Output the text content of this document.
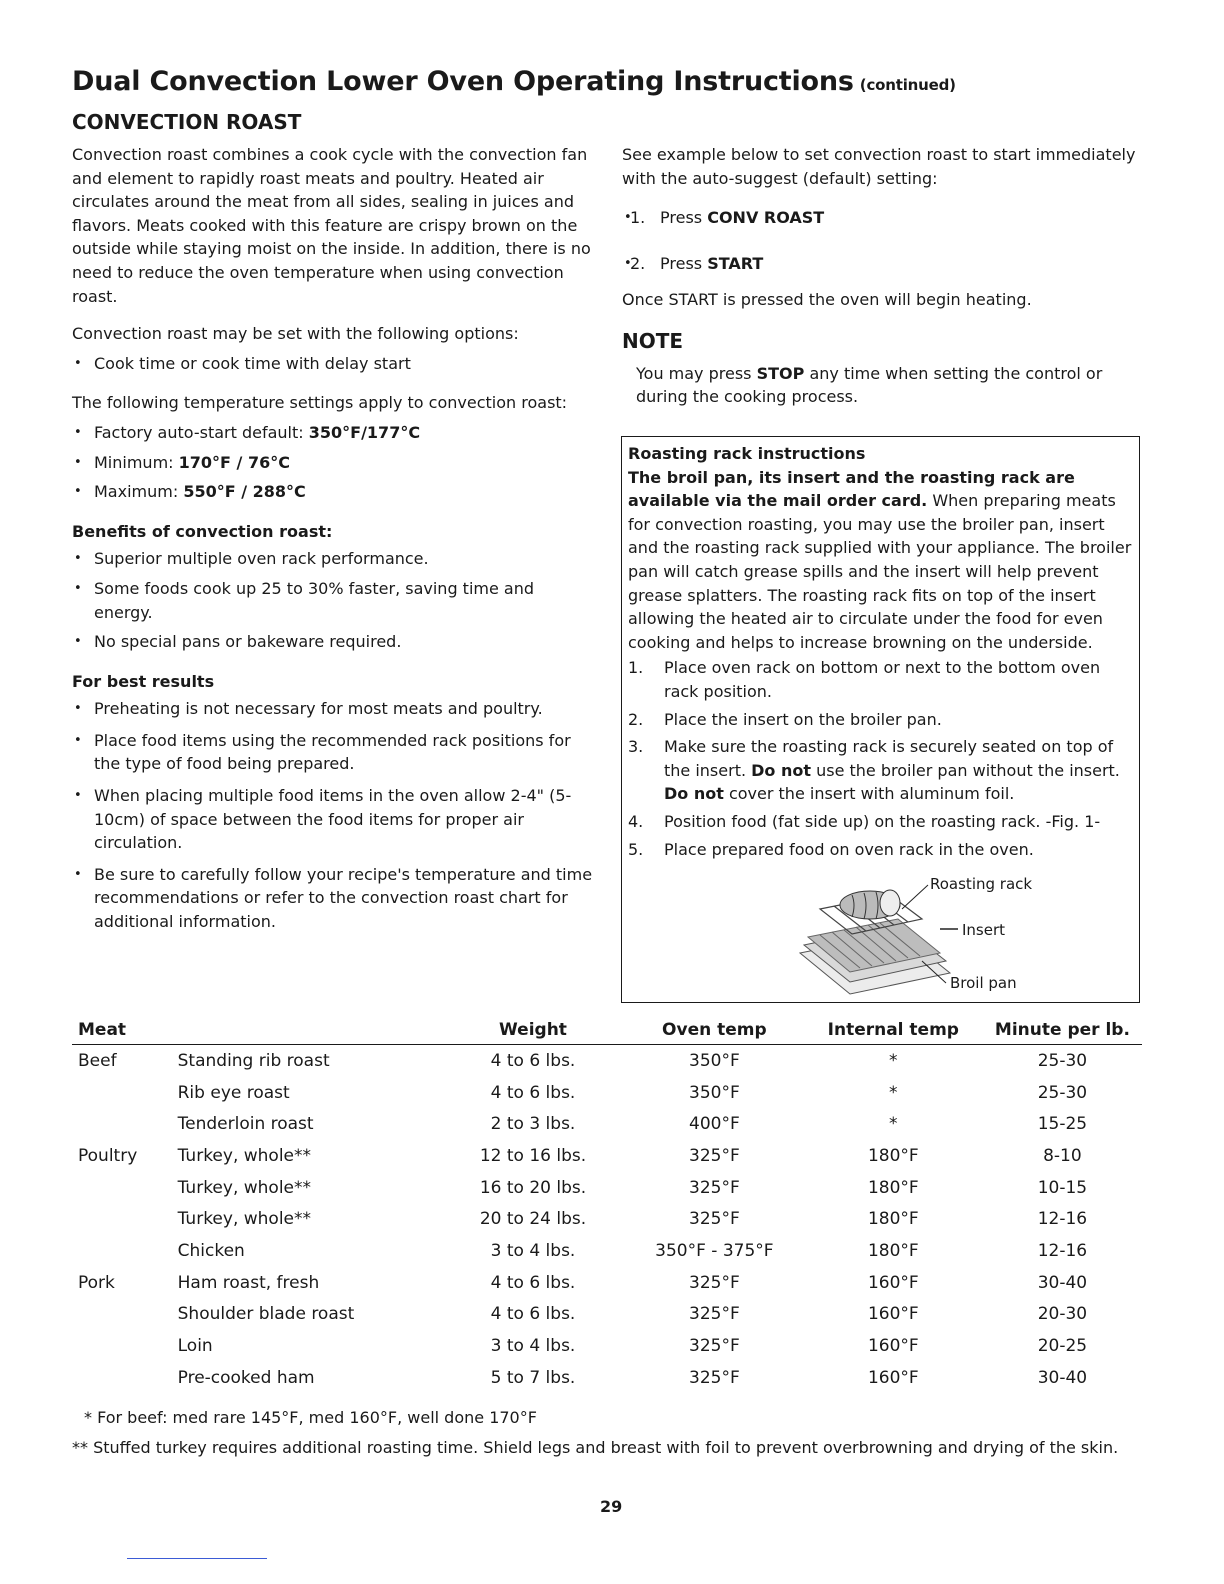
Dual Convection Lower Oven Operating Instructions (continued)
CONVECTION ROAST

Convection roast combines a cook cycle with the convection fan and element to rapidly roast meats and poultry. Heated air circulates around the meat from all sides, sealing in juices and flavors. Meats cooked with this feature are crispy brown on the outside while staying moist on the inside. In addition, there is no need to reduce the oven temperature when using convection roast.

Convection roast may be set with the following options:

• Cook time or cook time with delay start

The following temperature settings apply to convection roast:

• Factory auto-start default: 350°F/177°C
• Minimum: 170°F / 76°C
• Maximum: 550°F / 288°C

Benefits of convection roast:

• Superior multiple oven rack performance.
• Some foods cook up 25 to 30% faster, saving time and energy.
• No special pans or bakeware required.

For best results

• Preheating is not necessary for most meats and poultry.
• Place food items using the recommended rack positions for the type of food being prepared.
• When placing multiple food items in the oven allow 2-4" (5-10cm) of space between the food items for proper air circulation.
• Be sure to carefully follow your recipe's temperature and time recommendations or refer to the convection roast chart for additional information.

See example below to set convection roast to start immediately with the auto-suggest (default) setting:

• 1. Press CONV ROAST
• 2. Press START

Once START is pressed the oven will begin heating.

NOTE

You may press STOP any time when setting the control or during the cooking process.

Roasting rack instructions
The broil pan, its insert and the roasting rack are available via the mail order card. When preparing meats for convection roasting, you may use the broiler pan, insert and the roasting rack supplied with your appliance. The broiler pan will catch grease spills and the insert will help prevent grease splatters. The roasting rack fits on top of the insert allowing the heated air to circulate under the food for even cooking and helps to increase browning on the underside.
1. Place oven rack on bottom or next to the bottom oven rack position.
2. Place the insert on the broiler pan.
3. Make sure the roasting rack is securely seated on top of the insert. Do not use the broiler pan without the insert. Do not cover the insert with aluminum foil.
4. Position food (fat side up) on the roasting rack. -Fig. 1-
5. Place prepared food on oven rack in the oven.
Roasting rack
Insert
Broil pan
Meat		Weight	Oven temp	Internal temp	Minute per lb.
Beef	Standing rib roast	4 to 6 lbs.	350°F	*	25-30
	Rib eye roast	4 to 6 lbs.	350°F	*	25-30
	Tenderloin roast	2 to 3 lbs.	400°F	*	15-25
Poultry	Turkey, whole**	12 to 16 lbs.	325°F	180°F	8-10
	Turkey, whole**	16 to 20 lbs.	325°F	180°F	10-15
	Turkey, whole**	20 to 24 lbs.	325°F	180°F	12-16
	Chicken	3 to 4 lbs.	350°F - 375°F	180°F	12-16
Pork	Ham roast, fresh	4 to 6 lbs.	325°F	160°F	30-40
	Shoulder blade roast	4 to 6 lbs.	325°F	160°F	20-30
	Loin	3 to 4 lbs.	325°F	160°F	20-25
	Pre-cooked ham	5 to 7 lbs.	325°F	160°F	30-40
* For beef: med rare 145°F, med 160°F, well done 170°F
** Stuffed turkey requires additional roasting time. Shield legs and breast with foil to prevent overbrowning and drying of the skin.
29
